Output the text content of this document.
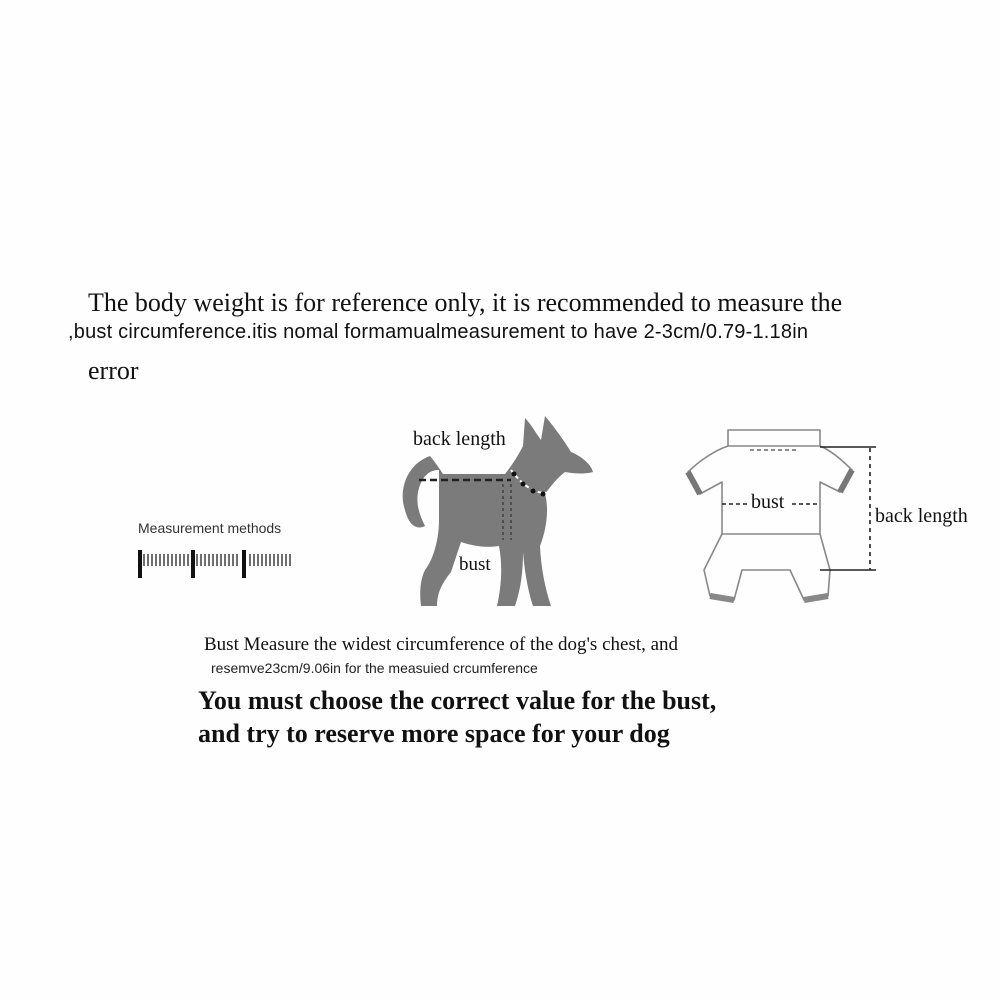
The body weight is for reference only, it is recommended to measure the
,bust circumference.itis nomal formamualmeasurement to have 2-3cm/0.79-1.18in
error
Measurement methods
back length
bust
bust
back length
Bust Measure the widest circumference of the dog's chest, and
resemve23cm/9.06in for the measuied crcumference
You must choose the correct value for the bust,
and try to reserve more space for your dog
